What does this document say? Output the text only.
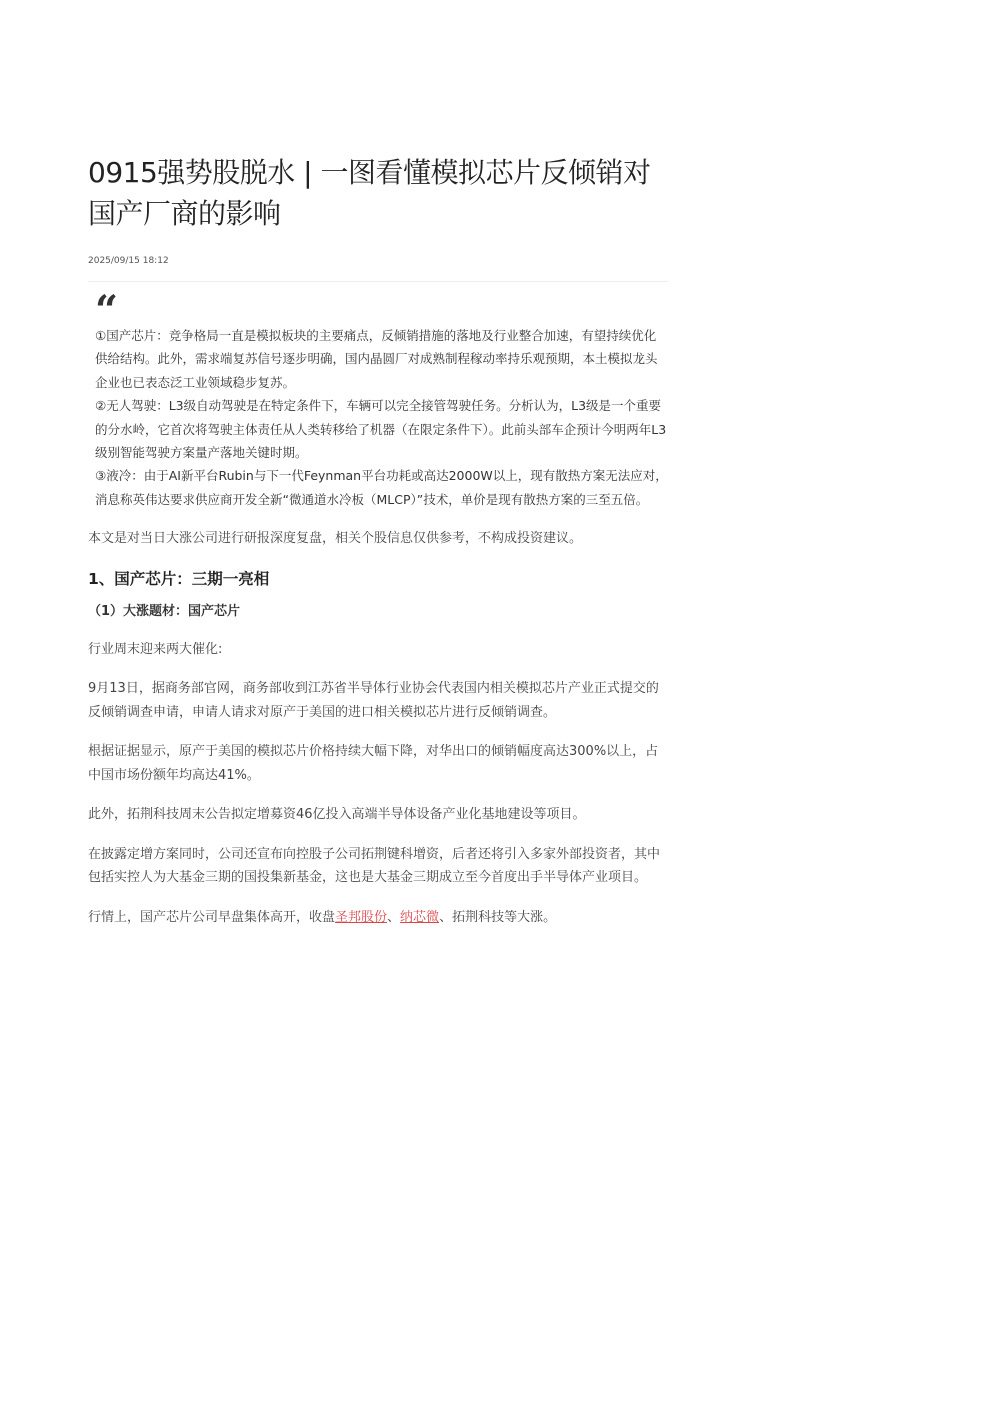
0915强势股脱水 | 一图看懂模拟芯片反倾销对国产厂商的影响
2025/09/15 18:12
“

①国产芯片：竞争格局一直是模拟板块的主要痛点，反倾销措施的落地及行业整合加速，有望持续优化供给结构。此外，需求端复苏信号逐步明确，国内晶圆厂对成熟制程稼动率持乐观预期，本土模拟龙头企业也已表态泛工业领域稳步复苏。

②无人驾驶：L3级自动驾驶是在特定条件下，车辆可以完全接管驾驶任务。分析认为，L3级是一个重要的分水岭，它首次将驾驶主体责任从人类转移给了机器（在限定条件下）。此前头部车企预计今明两年L3级别智能驾驶方案量产落地关键时期。

③液冷：由于AI新平台Rubin与下一代Feynman平台功耗或高达2000W以上，现有散热方案无法应对，消息称英伟达要求供应商开发全新“微通道水冷板（MLCP）”技术，单价是现有散热方案的三至五倍。

本文是对当日大涨公司进行研报深度复盘，相关个股信息仅供参考，不构成投资建议。

1、国产芯片：三期一亮相
（1）大涨题材：国产芯片

行业周末迎来两大催化:

9月13日，据商务部官网，商务部收到江苏省半导体行业协会代表国内相关模拟芯片产业正式提交的反倾销调查申请，申请人请求对原产于美国的进口相关模拟芯片进行反倾销调查。

根据证据显示，原产于美国的模拟芯片价格持续大幅下降，对华出口的倾销幅度高达300%以上，占中国市场份额年均高达41%。

此外，拓荆科技周末公告拟定增募资46亿投入高端半导体设备产业化基地建设等项目。

在披露定增方案同时，公司还宣布向控股子公司拓荆键科增资，后者还将引入多家外部投资者，其中包括实控人为大基金三期的国投集新基金，这也是大基金三期成立至今首度出手半导体产业项目。

行情上，国产芯片公司早盘集体高开，收盘圣邦股份、纳芯微、拓荆科技等大涨。
